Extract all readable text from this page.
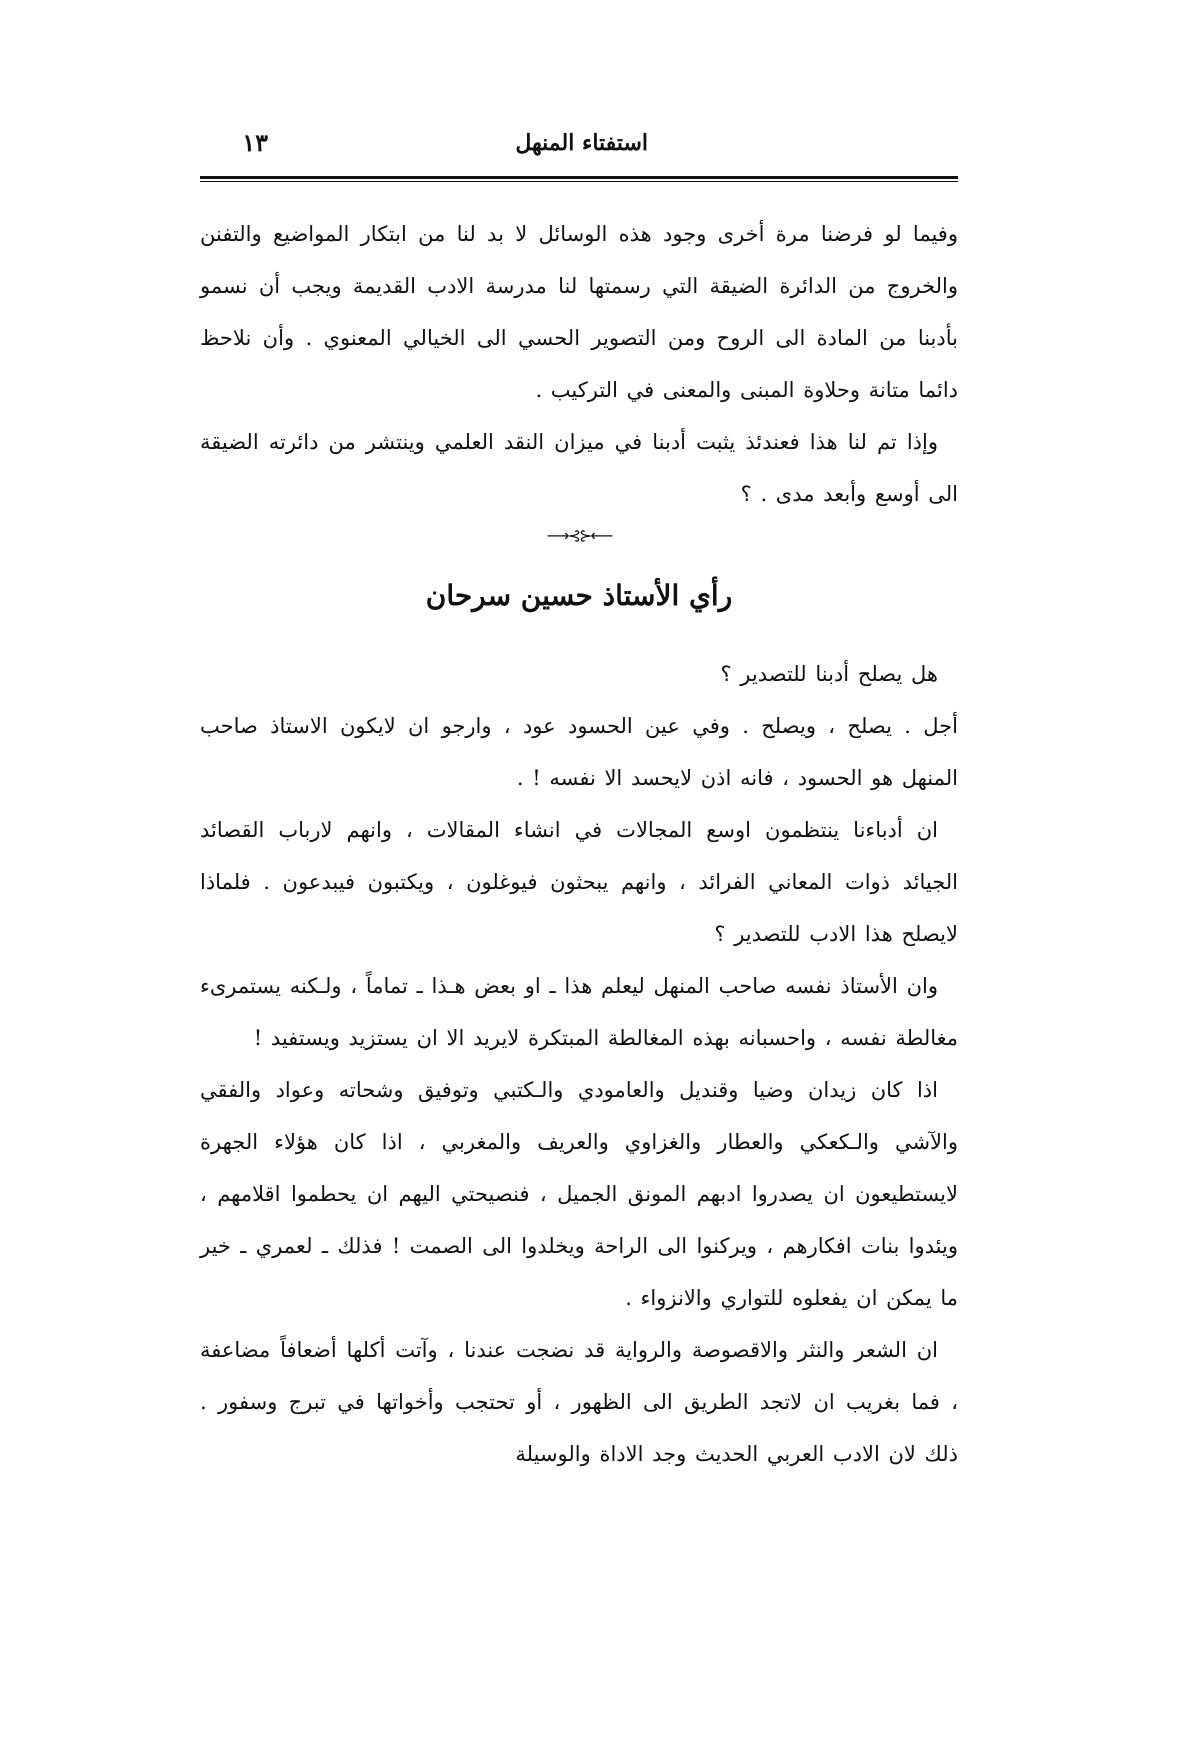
استفتاء المنهل
١٣

وفيما لو فرضنا مرة أخرى وجود هذه الوسائل لا بد لنا من ابتكار المواضيع والتفنن والخروج من الدائرة الضيقة التي رسمتها لنا مدرسة الادب القديمة ويجب أن نسمو بأدبنا من المادة الى الروح ومن التصوير الحسي الى الخيالي المعنوي . وأن نلاحظ دائما متانة وحلاوة المبنى والمعنى في التركيب .

وإذا تم لنا هذا فعندئذ يثبت أدبنا في ميزان النقد العلمي وينتشر من دائرته الضيقة الى أوسع وأبعد مدى . ؟

⟵⊰⊱⟶
رأي الأستاذ حسين سرحان

هل يصلح أدبنا للتصدير ؟

أجل . يصلح ، ويصلح . وفي عين الحسود عود ، وارجو ان لايكون الاستاذ صاحب المنهل هو الحسود ، فانه اذن لايحسد الا نفسه ! .

ان أدباءنا ينتظمون اوسع المجالات في انشاء المقالات ، وانهم لارباب القصائد الجيائد ذوات المعاني الفرائد ، وانهم يبحثون فيوغلون ، ويكتبون فيبدعون . فلماذا لايصلح هذا الادب للتصدير ؟

وان الأستاذ نفسه صاحب المنهل ليعلم هذا ـ او بعض هـذا ـ تماماً ، ولـكنه يستمرىء مغالطة نفسه ، واحسبانه بهذه المغالطة المبتكرة لايريد الا ان يستزيد ويستفيد !

اذا كان زيدان وضيا وقنديل والعامودي والـكتبي وتوفيق وشحاته وعواد والفقي والآشي والـكعكي والعطار والغزاوي والعريف والمغربي ، اذا كان هؤلاء الجهرة لايستطيعون ان يصدروا ادبهم المونق الجميل ، فنصيحتي اليهم ان يحطموا اقلامهم ، ويئدوا بنات افكارهم ، ويركنوا الى الراحة ويخلدوا الى الصمت ! فذلك ـ لعمري ـ خير ما يمكن ان يفعلوه للتواري والانزواء .

ان الشعر والنثر والاقصوصة والرواية قد نضجت عندنا ، وآتت أكلها أضعافاً مضاعفة ، فما بغريب ان لاتجد الطريق الى الظهور ، أو تحتجب وأخواتها في تبرج وسفور . ذلك لان الادب العربي الحديث وجد الاداة والوسيلة
